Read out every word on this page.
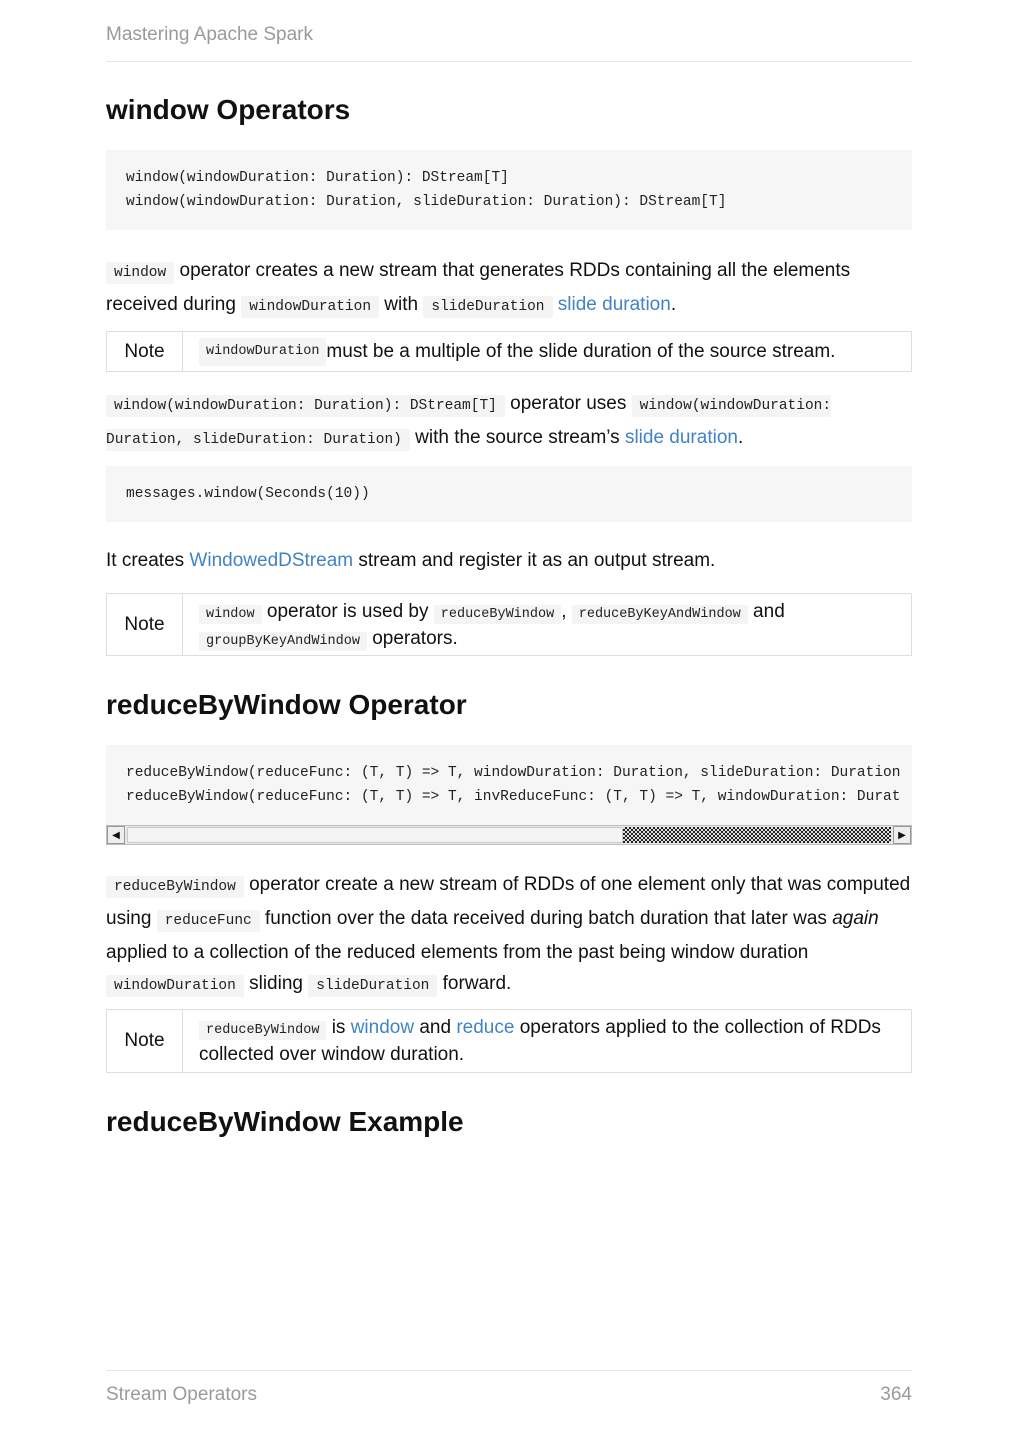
Mastering Apache Spark
window Operators
window(windowDuration: Duration): DStream[T]
window(windowDuration: Duration, slideDuration: Duration): DStream[T]
window operator creates a new stream that generates RDDs containing all the elements received during windowDuration with slideDuration slide duration.
Note	windowDuration must be a multiple of the slide duration of the source stream.
window(windowDuration: Duration): DStream[T] operator uses window(windowDuration: Duration, slideDuration: Duration) with the source stream’s slide duration.
messages.window(Seconds(10))
It creates WindowedDStream stream and register it as an output stream.
Note	window operator is used by reduceByWindow , reduceByKeyAndWindow and
groupByKeyAndWindow operators.
reduceByWindow Operator
reduceByWindow(reduceFunc: (T, T) => T, windowDuration: Duration, slideDuration: Duration
reduceByWindow(reduceFunc: (T, T) => T, invReduceFunc: (T, T) => T, windowDuration: Durat
◀	▶
reduceByWindow operator create a new stream of RDDs of one element only that was computed using reduceFunc function over the data received during batch duration that later was again applied to a collection of the reduced elements from the past being window duration windowDuration sliding slideDuration forward.
Note	reduceByWindow is window and reduce operators applied to the collection of RDDs collected over window duration.
reduceByWindow Example
Stream Operators	364
